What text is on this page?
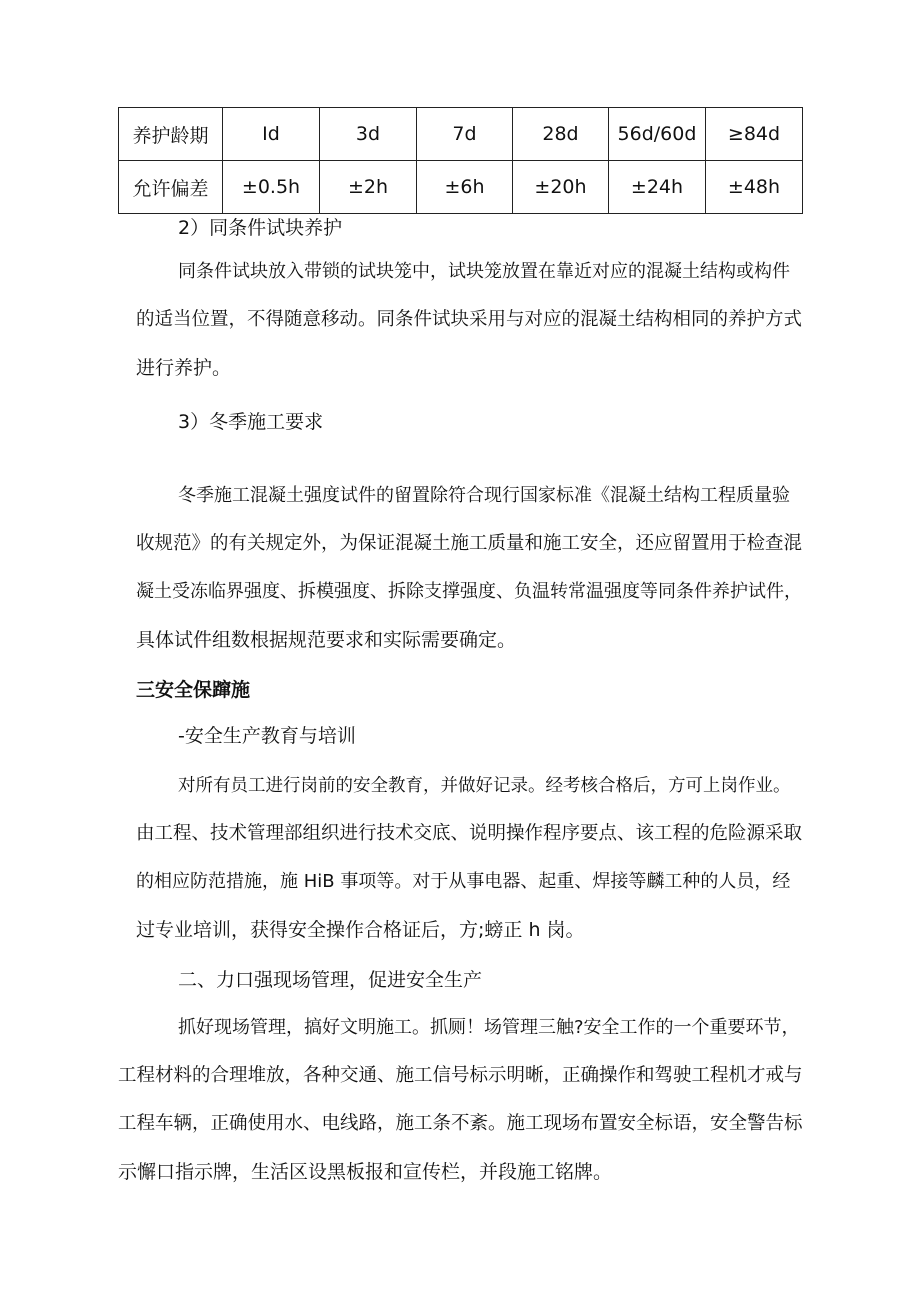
养护龄期	Id	3d	7d	28d	56d/60d	≥84d
允许偏差	±0.5h	±2h	±6h	±20h	±24h	±48h
2）同条件试块养护
同条件试块放入带锁的试块笼中，试块笼放置在靠近对应的混凝土结构或构件
的适当位置，不得随意移动。同条件试块采用与对应的混凝土结构相同的养护方式
进行养护。
3）冬季施工要求
冬季施工混凝土强度试件的留置除符合现行国家标准《混凝土结构工程质量验
收规范》的有关规定外，为保证混凝土施工质量和施工安全，还应留置用于检查混
凝土受冻临界强度、拆模强度、拆除支撑强度、负温转常温强度等同条件养护试件，
具体试件组数根据规范要求和实际需要确定。
三安全保蹿施
-安全生产教育与培训
对所有员工进行岗前的安全教育，并做好记录。经考核合格后，方可上岗作业。
由工程、技术管理部组织进行技术交底、说明操作程序要点、该工程的危险源采取
的相应防范措施，施 HiB 事项等。对于从事电器、起重、焊接等麟工种的人员，经
过专业培训，获得安全操作合格证后，方;螃正 h 岗。
二、力口强现场管理，促进安全生产
抓好现场管理，搞好文明施工。抓厕！场管理三触?安全工作的一个重要环节，
工程材料的合理堆放，各种交通、施工信号标示明晰，正确操作和驾驶工程机才戒与
工程车辆，正确使用水、电线路，施工条不紊。施工现场布置安全标语，安全警告标
示懈口指示牌，生活区设黑板报和宣传栏，并段施工铭牌。
